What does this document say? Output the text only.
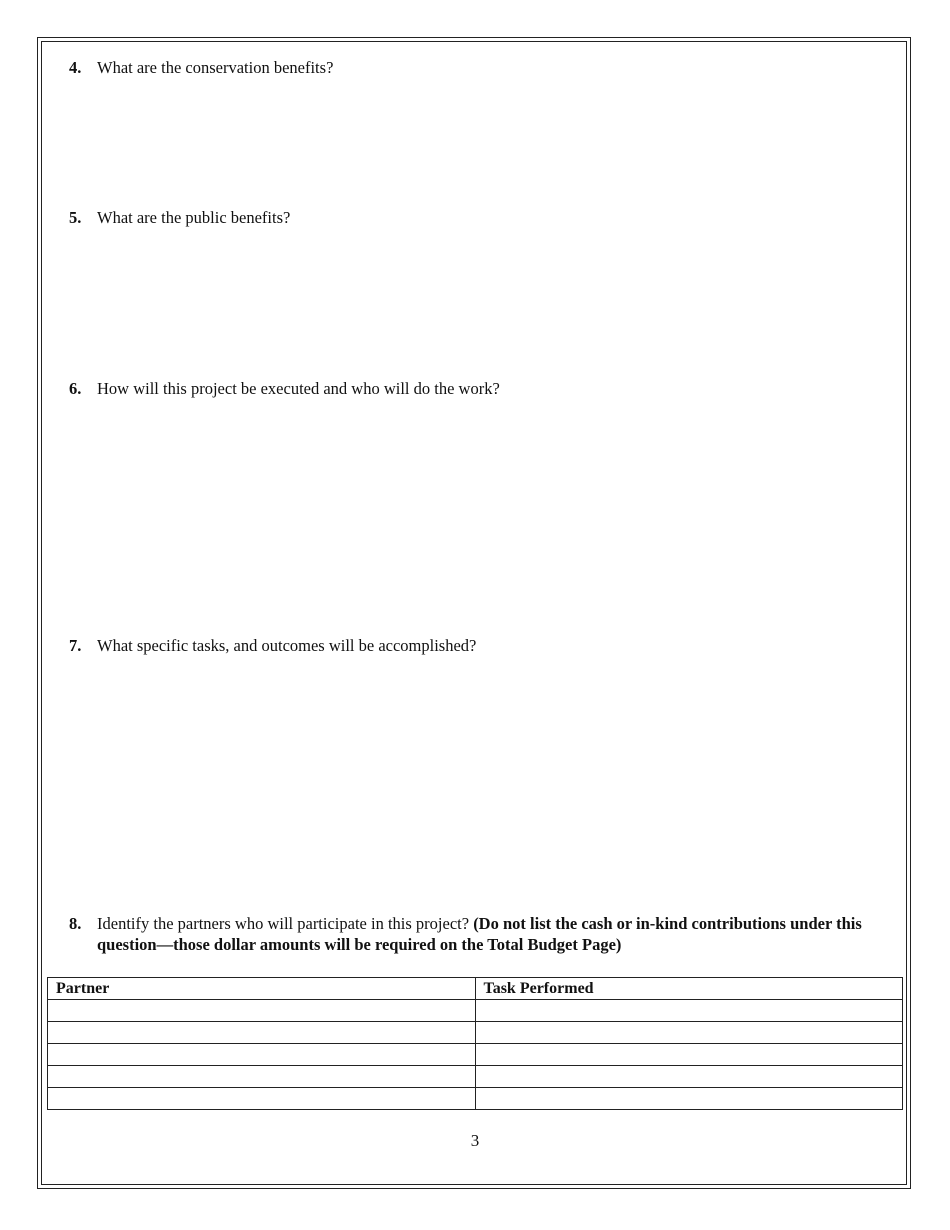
4. What are the conservation benefits?
5. What are the public benefits?
6. How will this project be executed and who will do the work?
7. What specific tasks, and outcomes will be accomplished?
8. Identify the partners who will participate in this project? (Do not list the cash or in-kind contributions under this question—those dollar amounts will be required on the Total Budget Page)
Partner	Task Performed

3
